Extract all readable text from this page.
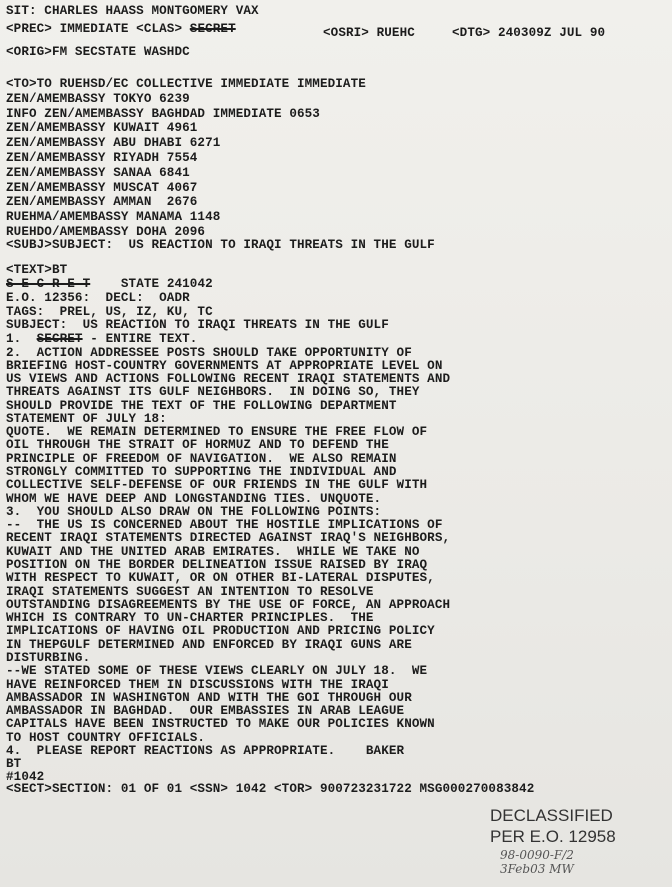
SIT: CHARLES HAASS MONTGOMERY VAX
<PREC> IMMEDIATE <CLAS> SECRET	<OSRI> RUEHC	<DTG> 240309Z JUL 90
<ORIG>FM SECSTATE WASHDC
<TO>TO RUEHSD/EC COLLECTIVE IMMEDIATE IMMEDIATE
ZEN/AMEMBASSY TOKYO 6239
INFO ZEN/AMEMBASSY BAGHDAD IMMEDIATE 0653
ZEN/AMEMBASSY KUWAIT 4961
ZEN/AMEMBASSY ABU DHABI 6271
ZEN/AMEMBASSY RIYADH 7554
ZEN/AMEMBASSY SANAA 6841
ZEN/AMEMBASSY MUSCAT 4067
ZEN/AMEMBASSY AMMAN  2676
RUEHMA/AMEMBASSY MANAMA 1148
RUEHDO/AMEMBASSY DOHA 2096
<SUBJ>SUBJECT:  US REACTION TO IRAQI THREATS IN THE GULF
<TEXT>BT
S E C R E T STATE 241042
E.O. 12356:  DECL:  OADR
TAGS:  PREL, US, IZ, KU, TC
SUBJECT:  US REACTION TO IRAQI THREATS IN THE GULF
1.  SECRET - ENTIRE TEXT.
2.  ACTION ADDRESSEE POSTS SHOULD TAKE OPPORTUNITY OF
BRIEFING HOST-COUNTRY GOVERNMENTS AT APPROPRIATE LEVEL ON
US VIEWS AND ACTIONS FOLLOWING RECENT IRAQI STATEMENTS AND
THREATS AGAINST ITS GULF NEIGHBORS.  IN DOING SO, THEY
SHOULD PROVIDE THE TEXT OF THE FOLLOWING DEPARTMENT
STATEMENT OF JULY 18:
QUOTE.  WE REMAIN DETERMINED TO ENSURE THE FREE FLOW OF
OIL THROUGH THE STRAIT OF HORMUZ AND TO DEFEND THE
PRINCIPLE OF FREEDOM OF NAVIGATION.  WE ALSO REMAIN
STRONGLY COMMITTED TO SUPPORTING THE INDIVIDUAL AND
COLLECTIVE SELF-DEFENSE OF OUR FRIENDS IN THE GULF WITH
WHOM WE HAVE DEEP AND LONGSTANDING TIES. UNQUOTE.
3.  YOU SHOULD ALSO DRAW ON THE FOLLOWING POINTS:
--  THE US IS CONCERNED ABOUT THE HOSTILE IMPLICATIONS OF
RECENT IRAQI STATEMENTS DIRECTED AGAINST IRAQ'S NEIGHBORS,
KUWAIT AND THE UNITED ARAB EMIRATES.  WHILE WE TAKE NO
POSITION ON THE BORDER DELINEATION ISSUE RAISED BY IRAQ
WITH RESPECT TO KUWAIT, OR ON OTHER BI-LATERAL DISPUTES,
IRAQI STATEMENTS SUGGEST AN INTENTION TO RESOLVE
OUTSTANDING DISAGREEMENTS BY THE USE OF FORCE, AN APPROACH
WHICH IS CONTRARY TO UN-CHARTER PRINCIPLES.  THE
IMPLICATIONS OF HAVING OIL PRODUCTION AND PRICING POLICY
IN THEPGULF DETERMINED AND ENFORCED BY IRAQI GUNS ARE
DISTURBING.
--WE STATED SOME OF THESE VIEWS CLEARLY ON JULY 18.  WE
HAVE REINFORCED THEM IN DISCUSSIONS WITH THE IRAQI
AMBASSADOR IN WASHINGTON AND WITH THE GOI THROUGH OUR
AMBASSADOR IN BAGHDAD.  OUR EMBASSIES IN ARAB LEAGUE
CAPITALS HAVE BEEN INSTRUCTED TO MAKE OUR POLICIES KNOWN
TO HOST COUNTRY OFFICIALS.
4.  PLEASE REPORT REACTIONS AS APPROPRIATE.    BAKER
BT
#1042
<SECT>SECTION: 01 OF 01 <SSN> 1042 <TOR> 900723231722 MSG000270083842
DECLASSIFIED
PER E.O. 12958
98-0090-F/2
3Feb03 MW
